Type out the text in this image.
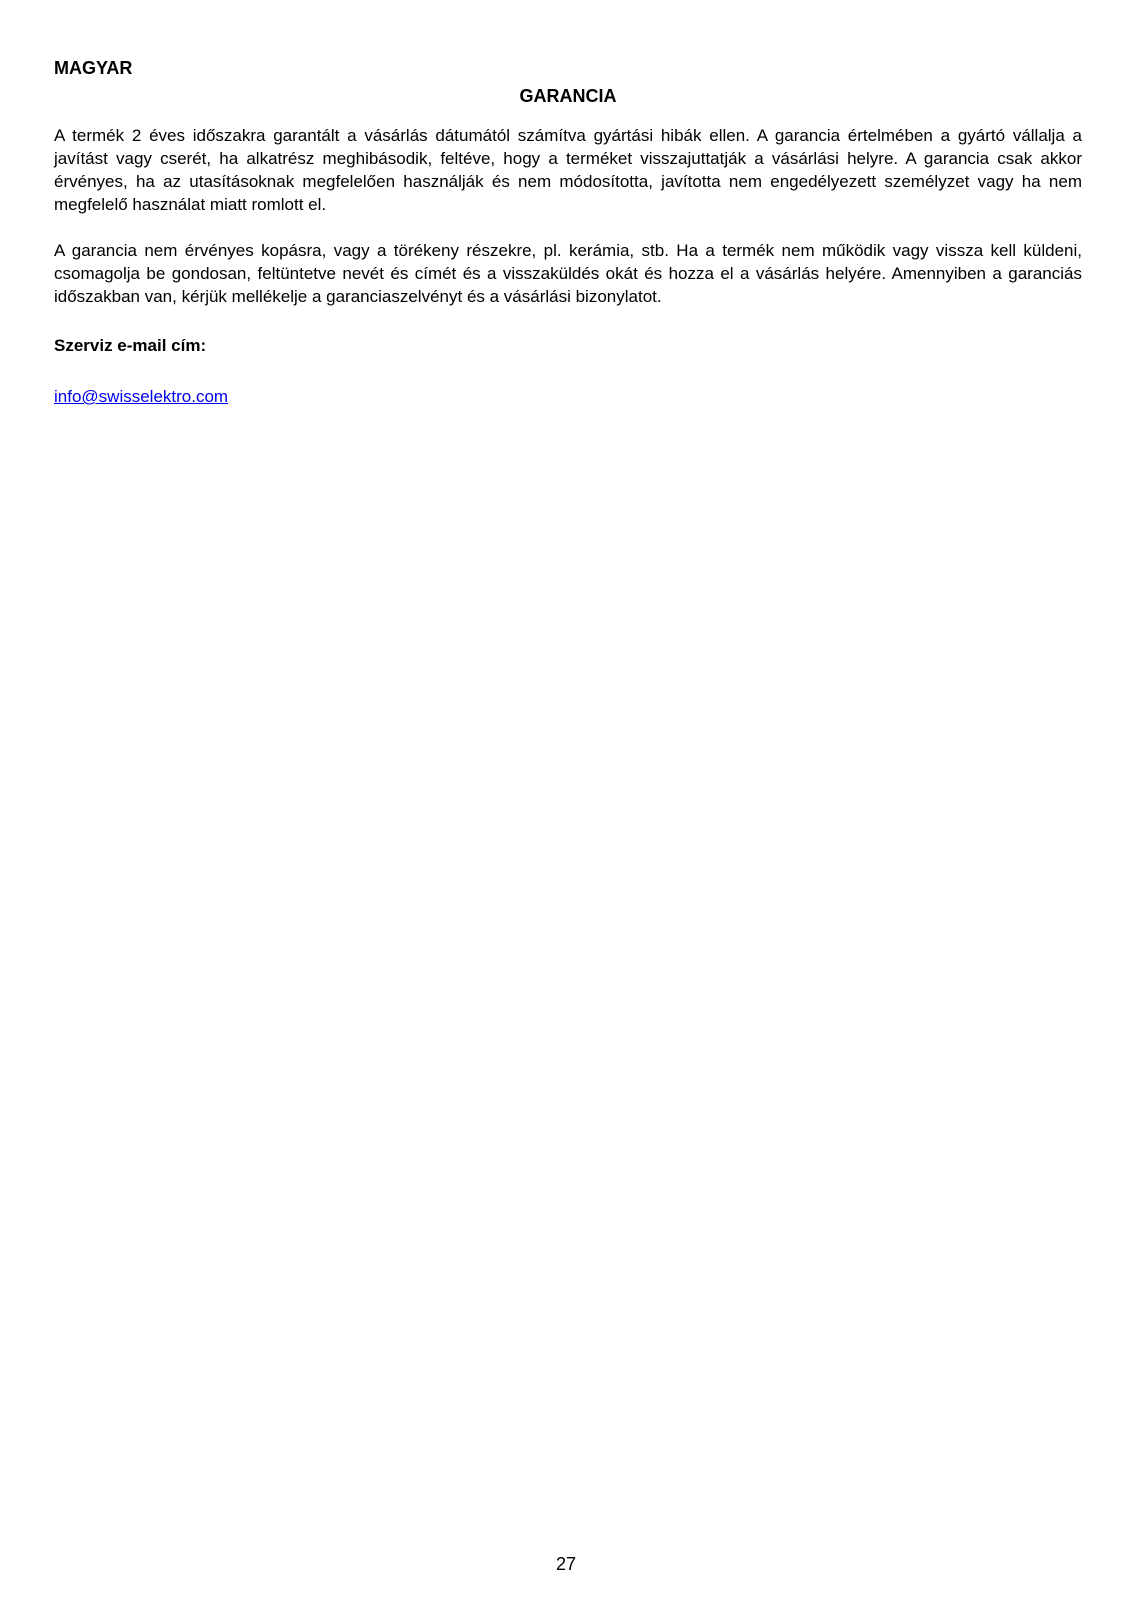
MAGYAR

GARANCIA

A termék 2 éves időszakra garantált a vásárlás dátumától számítva gyártási hibák ellen. A garancia értelmében a gyártó vállalja a javítást vagy cserét, ha alkatrész meghibásodik, feltéve, hogy a terméket visszajuttatják a vásárlási helyre. A garancia csak akkor érvényes, ha az utasításoknak megfelelően használják és nem módosította, javította nem engedélyezett személyzet vagy ha nem megfelelő használat miatt romlott el.

A garancia nem érvényes kopásra, vagy a törékeny részekre, pl. kerámia, stb. Ha a termék nem működik vagy vissza kell küldeni, csomagolja be gondosan, feltüntetve nevét és címét és a visszaküldés okát és hozza el a vásárlás helyére. Amennyiben a garanciás időszakban van, kérjük mellékelje a garanciaszelvényt és a vásárlási bizonylatot.

Szerviz e-mail cím:

info@swisselektro.com
27
